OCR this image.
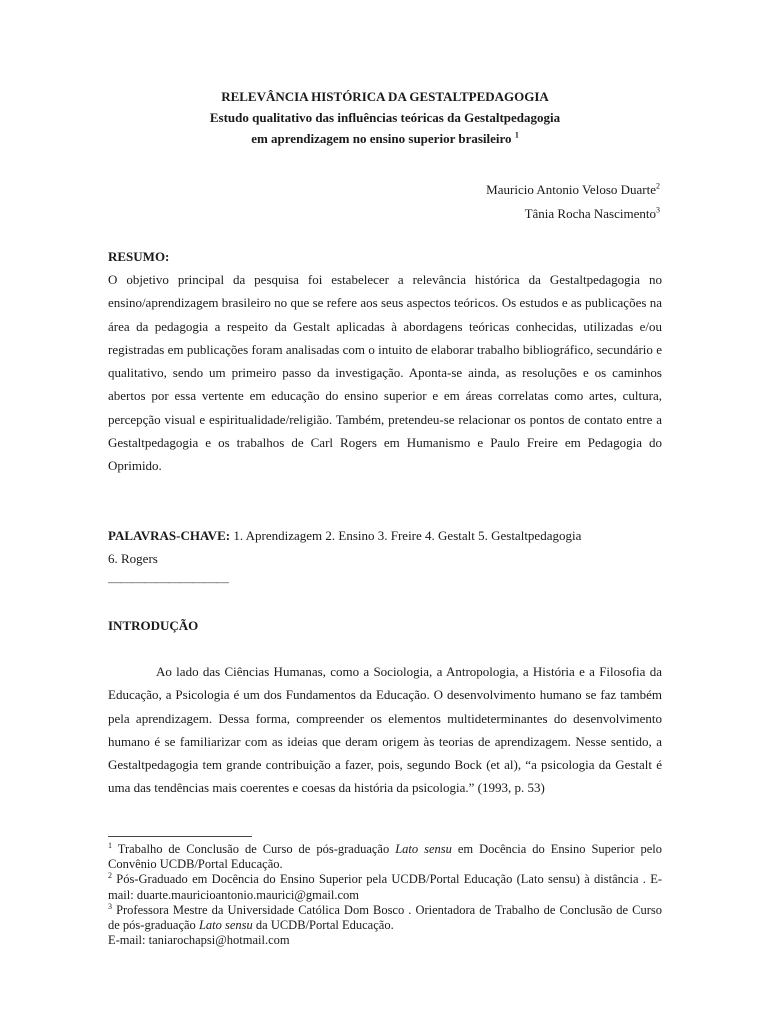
RELEVÂNCIA HISTÓRICA DA GESTALTPEDAGOGIA
Estudo qualitativo das influências teóricas da Gestaltpedagogia
em aprendizagem no ensino superior brasileiro $^1$
Mauricio Antonio Veloso Duarte$^2$
Tânia Rocha Nascimento$^3$
RESUMO:

O objetivo principal da pesquisa foi estabelecer a relevância histórica da Gestaltpedagogia no ensino/aprendizagem brasileiro no que se refere aos seus aspectos teóricos. Os estudos e as publicações na área da pedagogia a respeito da Gestalt aplicadas à abordagens teóricas conhecidas, utilizadas e/ou registradas em publicações foram analisadas com o intuito de elaborar trabalho bibliográfico, secundário e qualitativo, sendo um primeiro passo da investigação. Aponta-se ainda, as resoluções e os caminhos abertos por essa vertente em educação do ensino superior e em áreas correlatas como artes, cultura, percepção visual e espiritualidade/religião. Também, pretendeu-se relacionar os pontos de contato entre a Gestaltpedagogia e os trabalhos de Carl Rogers em Humanismo e Paulo Freire em Pedagogia do Oprimido.

PALAVRAS-CHAVE: 1. Aprendizagem 2. Ensino 3. Freire 4. Gestalt 5. Gestaltpedagogia
6. Rogers
——————————
INTRODUÇÃO

Ao lado das Ciências Humanas, como a Sociologia, a Antropologia, a História e a Filosofia da Educação, a Psicologia é um dos Fundamentos da Educação. O desenvolvimento humano se faz também pela aprendizagem. Dessa forma, compreender os elementos multideterminantes do desenvolvimento humano é se familiarizar com as ideias que deram origem às teorias de aprendizagem. Nesse sentido, a Gestaltpedagogia tem grande contribuição a fazer, pois, segundo Bock (et al), “a psicologia da Gestalt é uma das tendências mais coerentes e coesas da história da psicologia.” (1993, p. 53)

$^1$ Trabalho de Conclusão de Curso de pós-graduação Lato sensu em Docência do Ensino Superior pelo Convênio UCDB/Portal Educação.

$^2$ Pós-Graduado em Docência do Ensino Superior pela UCDB/Portal Educação (Lato sensu) à distância . E-mail: duarte.mauricioantonio.maurici@gmail.com

$^3$ Professora Mestre da Universidade Católica Dom Bosco . Orientadora de Trabalho de Conclusão de Curso de pós-graduação Lato sensu da UCDB/Portal Educação.

E-mail: taniarochapsi@hotmail.com
